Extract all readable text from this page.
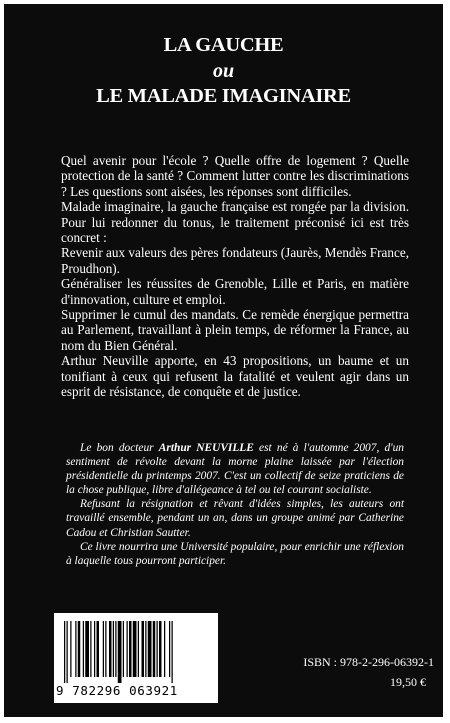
LA GAUCHE
ou
LE MALADE IMAGINAIRE

Quel avenir pour l'école ? Quelle offre de logement ? Quelle protection de la santé ? Comment lutter contre les discriminations ? Les questions sont aisées, les réponses sont difficiles.

Malade imaginaire, la gauche française est rongée par la division. Pour lui redonner du tonus, le traitement préconisé ici est très concret :

Revenir aux valeurs des pères fondateurs (Jaurès, Mendès France, Proudhon).

Généraliser les réussites de Grenoble, Lille et Paris, en matière d'innovation, culture et emploi.

Supprimer le cumul des mandats. Ce remède énergique permettra au Parlement, travaillant à plein temps, de réformer la France, au nom du Bien Général.

Arthur Neuville apporte, en 43 propositions, un baume et un tonifiant à ceux qui refusent la fatalité et veulent agir dans un esprit de résistance, de conquête et de justice.

Le bon docteur Arthur NEUVILLE est né à l'automne 2007, d'un sentiment de révolte devant la morne plaine laissée par l'élection présidentielle du printemps 2007. C'est un collectif de seize praticiens de la chose publique, libre d'allégeance à tel ou tel courant socialiste.

Refusant la résignation et rêvant d'idées simples, les auteurs ont travaillé ensemble, pendant un an, dans un groupe animé par Catherine Cadou et Christian Sautter.

Ce livre nourrira une Université populaire, pour enrichir une réflexion à laquelle tous pourront participer.

9 782296 063921
ISBN : 978-2-296-06392-1
19,50 €
